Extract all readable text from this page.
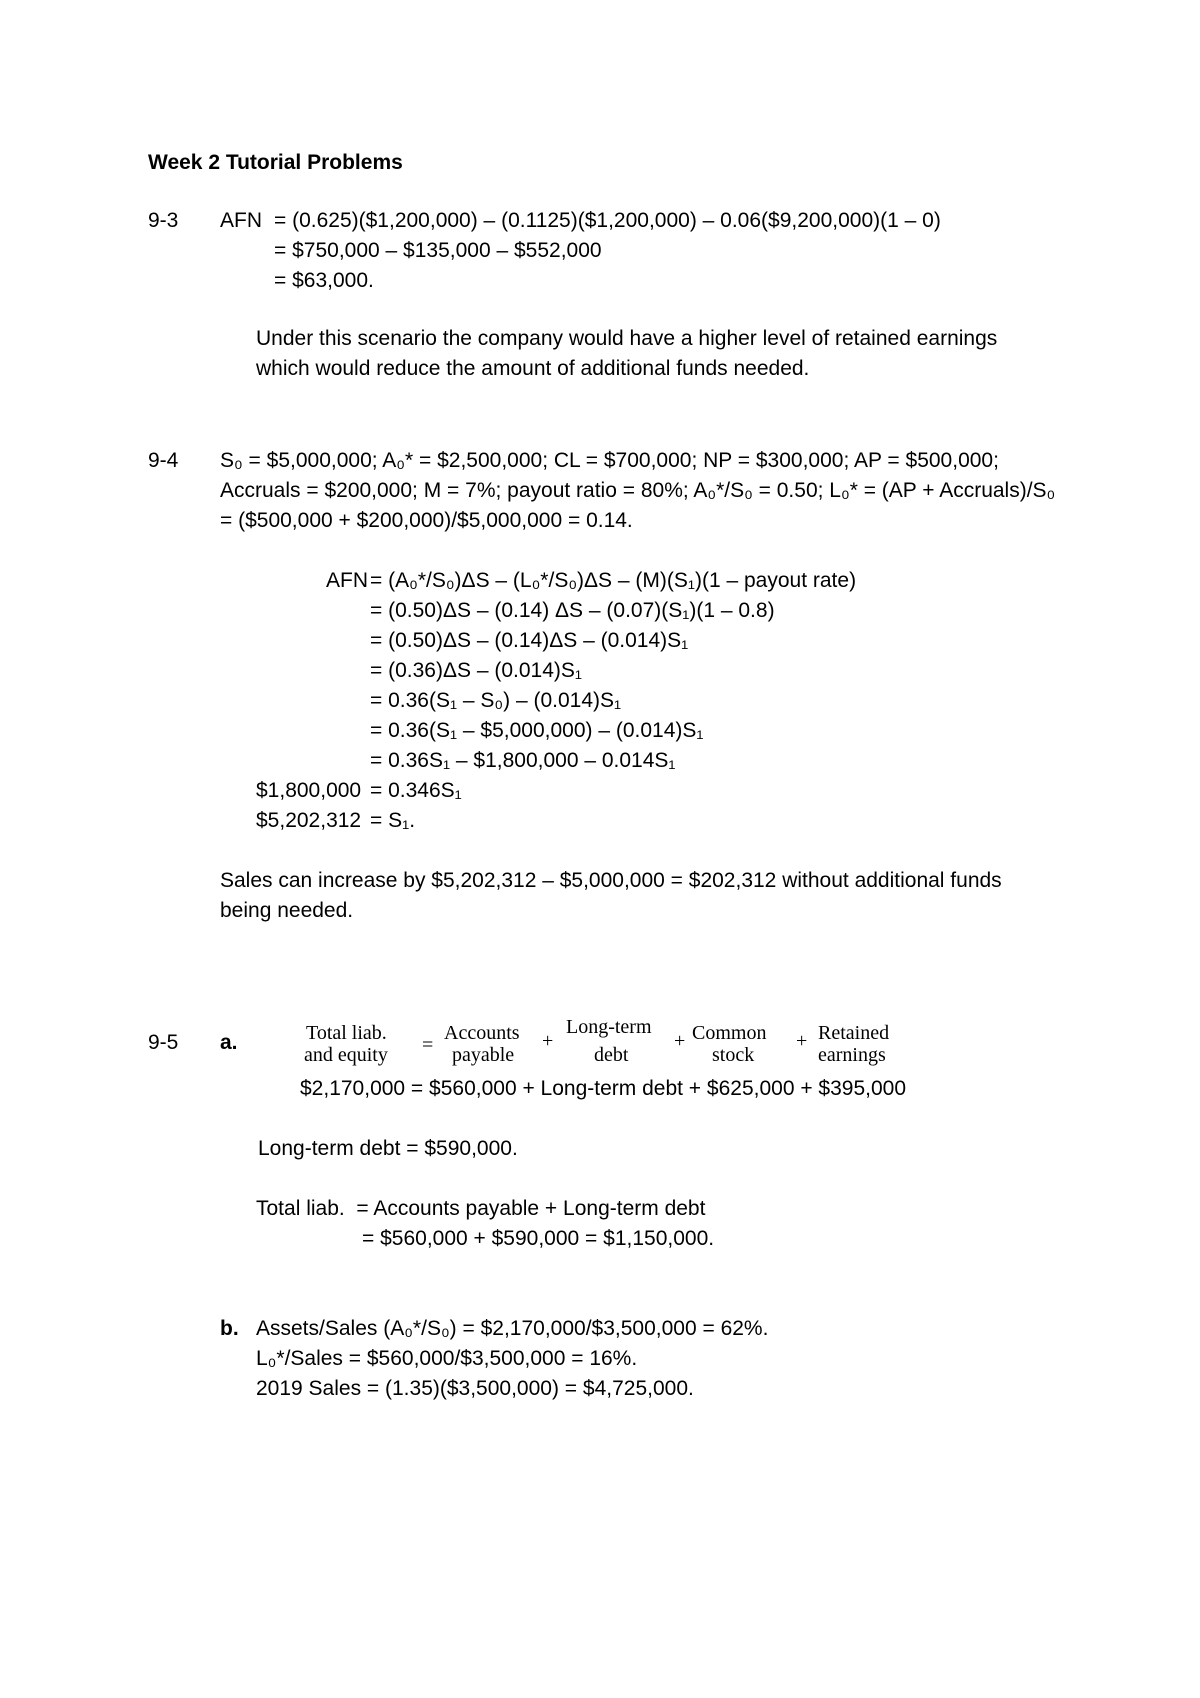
Week 2 Tutorial Problems
9-3 AFN = (0.625)($1,200,000) – (0.1125)($1,200,000) – 0.06($9,200,000)(1 – 0)
= $750,000 – $135,000 – $552,000
= $63,000.
Under this scenario the company would have a higher level of retained earnings
which would reduce the amount of additional funds needed.
9-4 S₀ = $5,000,000; A₀* = $2,500,000; CL = $700,000; NP = $300,000; AP = $500,000;
Accruals = $200,000; M = 7%; payout ratio = 80%; A₀*/S₀ = 0.50; L₀* = (AP + Accruals)/S₀
= ($500,000 + $200,000)/$5,000,000 = 0.14.
AFN = (A₀*/S₀)ΔS – (L₀*/S₀)ΔS – (M)(S₁)(1 – payout rate)
= (0.50)ΔS – (0.14) ΔS – (0.07)(S₁)(1 – 0.8)
= (0.50)ΔS – (0.14)ΔS – (0.014)S₁
= (0.36)ΔS – (0.014)S₁
= 0.36(S₁ – S₀) – (0.014)S₁
= 0.36(S₁ – $5,000,000) – (0.014)S₁
= 0.36S₁ – $1,800,000 – 0.014S₁
$1,800,000 = 0.346S₁
$5,202,312 = S₁.
Sales can increase by $5,202,312 – $5,000,000 = $202,312 without additional funds
being needed.
9-5 a.	Total liab.
and equity =
Accounts
payable
+
Long-term
debt
+ Common
stock
+ Retained
earnings
$2,170,000 = $560,000 + Long-term debt + $625,000 + $395,000
Long-term debt = $590,000.
Total liab.  = Accounts payable + Long-term debt
= $560,000 + $590,000 = $1,150,000.
b. Assets/Sales (A₀*/S₀) = $2,170,000/$3,500,000 = 62%.
L₀*/Sales = $560,000/$3,500,000 = 16%.
2019 Sales = (1.35)($3,500,000) = $4,725,000.
